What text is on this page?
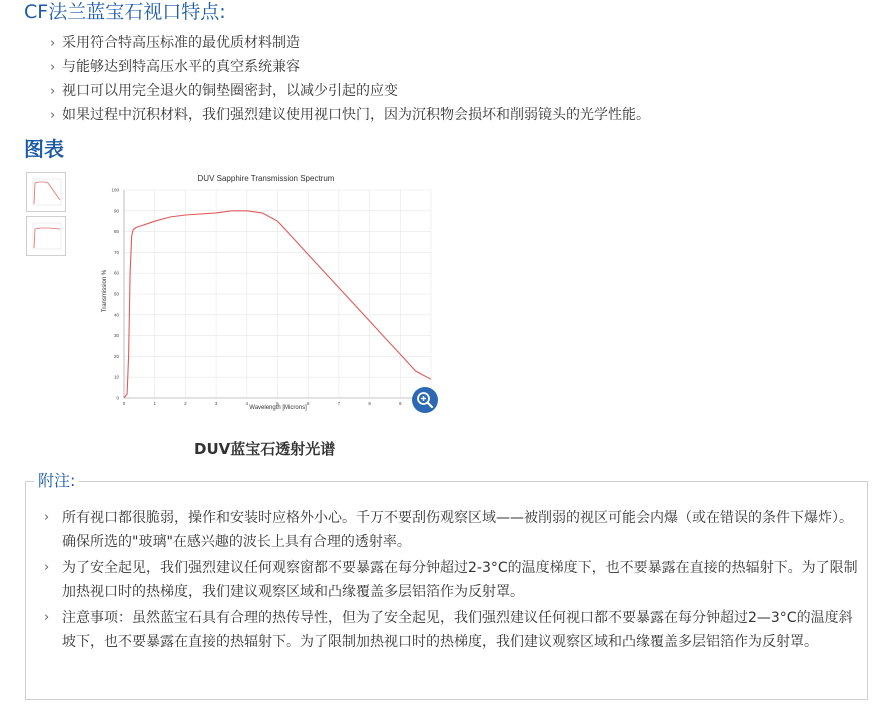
CF法兰蓝宝石视口特点:
› 采用符合特高压标准的最优质材料制造
› 与能够达到特高压水平的真空系统兼容
› 视口可以用完全退火的铜垫圈密封，以减少引起的应变
› 如果过程中沉积材料，我们强烈建议使用视口快门，因为沉积物会损坏和削弱镜头的光学性能。
图表
0
10
20
30
40
50
60
70
80
90
100
0	1	2	3	4	5	6	7	8	9
DUV Sapphire Transmission Spectrum
Wavelength [Microns]
Transmission %
DUV蓝宝石透射光谱
› 所有视口都很脆弱，操作和安装时应格外小心。千万不要刮伤观察区域——被削弱的视区可能会内爆（或在错误的条件下爆炸）。确保所选的"玻璃"在感兴趣的波长上具有合理的透射率。
› 为了安全起见，我们强烈建议任何观察窗都不要暴露在每分钟超过2-3°C的温度梯度下，也不要暴露在直接的热辐射下。为了限制加热视口时的热梯度，我们建议观察区域和凸缘覆盖多层铝箔作为反射罩。
› 注意事项：虽然蓝宝石具有合理的热传导性，但为了安全起见，我们强烈建议任何视口都不要暴露在每分钟超过2—3°C的温度斜坡下，也不要暴露在直接的热辐射下。为了限制加热视口时的热梯度，我们建议观察区域和凸缘覆盖多层铝箔作为反射罩。
附注:
